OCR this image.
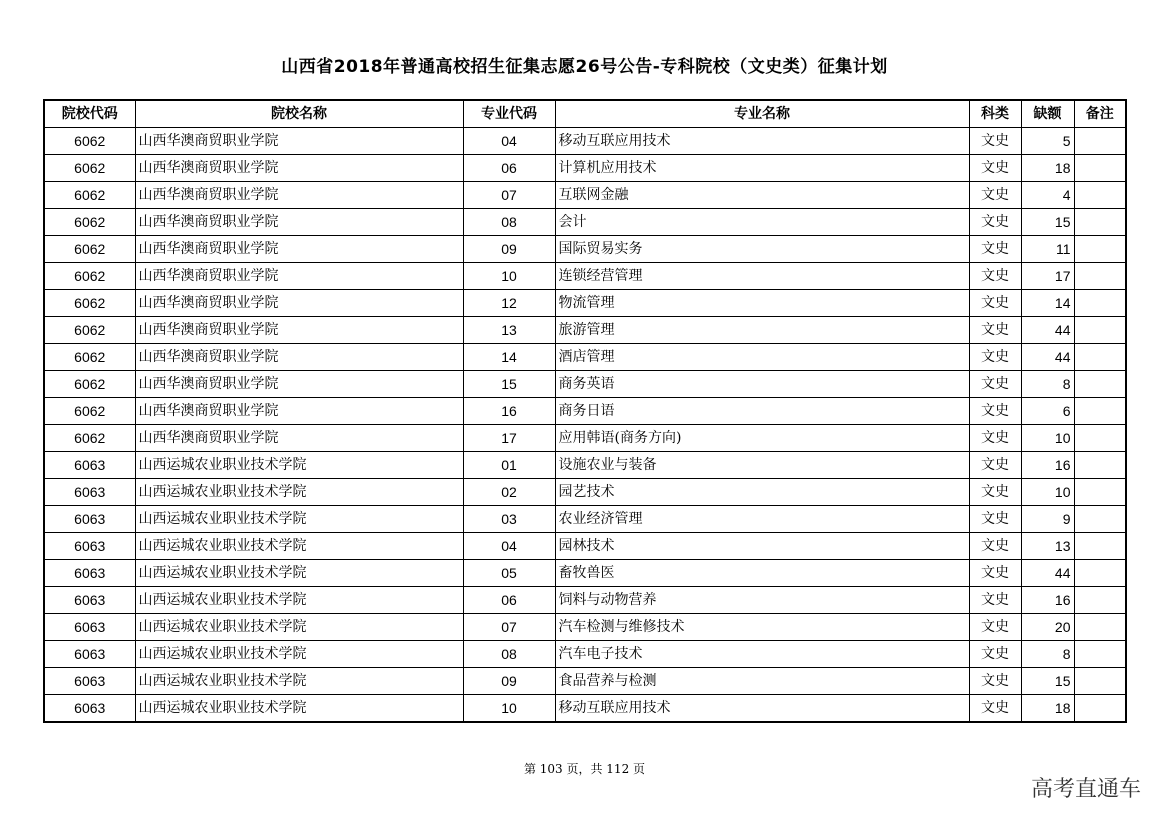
山西省2018年普通高校招生征集志愿26号公告-专科院校（文史类）征集计划
院校代码	院校名称	专业代码	专业名称	科类	缺额	备注
6062	山西华澳商贸职业学院	04	移动互联应用技术	文史	5	
6062	山西华澳商贸职业学院	06	计算机应用技术	文史	18	
6062	山西华澳商贸职业学院	07	互联网金融	文史	4	
6062	山西华澳商贸职业学院	08	会计	文史	15	
6062	山西华澳商贸职业学院	09	国际贸易实务	文史	11	
6062	山西华澳商贸职业学院	10	连锁经营管理	文史	17	
6062	山西华澳商贸职业学院	12	物流管理	文史	14	
6062	山西华澳商贸职业学院	13	旅游管理	文史	44	
6062	山西华澳商贸职业学院	14	酒店管理	文史	44	
6062	山西华澳商贸职业学院	15	商务英语	文史	8	
6062	山西华澳商贸职业学院	16	商务日语	文史	6	
6062	山西华澳商贸职业学院	17	应用韩语(商务方向)	文史	10	
6063	山西运城农业职业技术学院	01	设施农业与装备	文史	16	
6063	山西运城农业职业技术学院	02	园艺技术	文史	10	
6063	山西运城农业职业技术学院	03	农业经济管理	文史	9	
6063	山西运城农业职业技术学院	04	园林技术	文史	13	
6063	山西运城农业职业技术学院	05	畜牧兽医	文史	44	
6063	山西运城农业职业技术学院	06	饲料与动物营养	文史	16	
6063	山西运城农业职业技术学院	07	汽车检测与维修技术	文史	20	
6063	山西运城农业职业技术学院	08	汽车电子技术	文史	8	
6063	山西运城农业职业技术学院	09	食品营养与检测	文史	15	
6063	山西运城农业职业技术学院	10	移动互联应用技术	文史	18	
第 103 页，共 112 页
高考直通车
